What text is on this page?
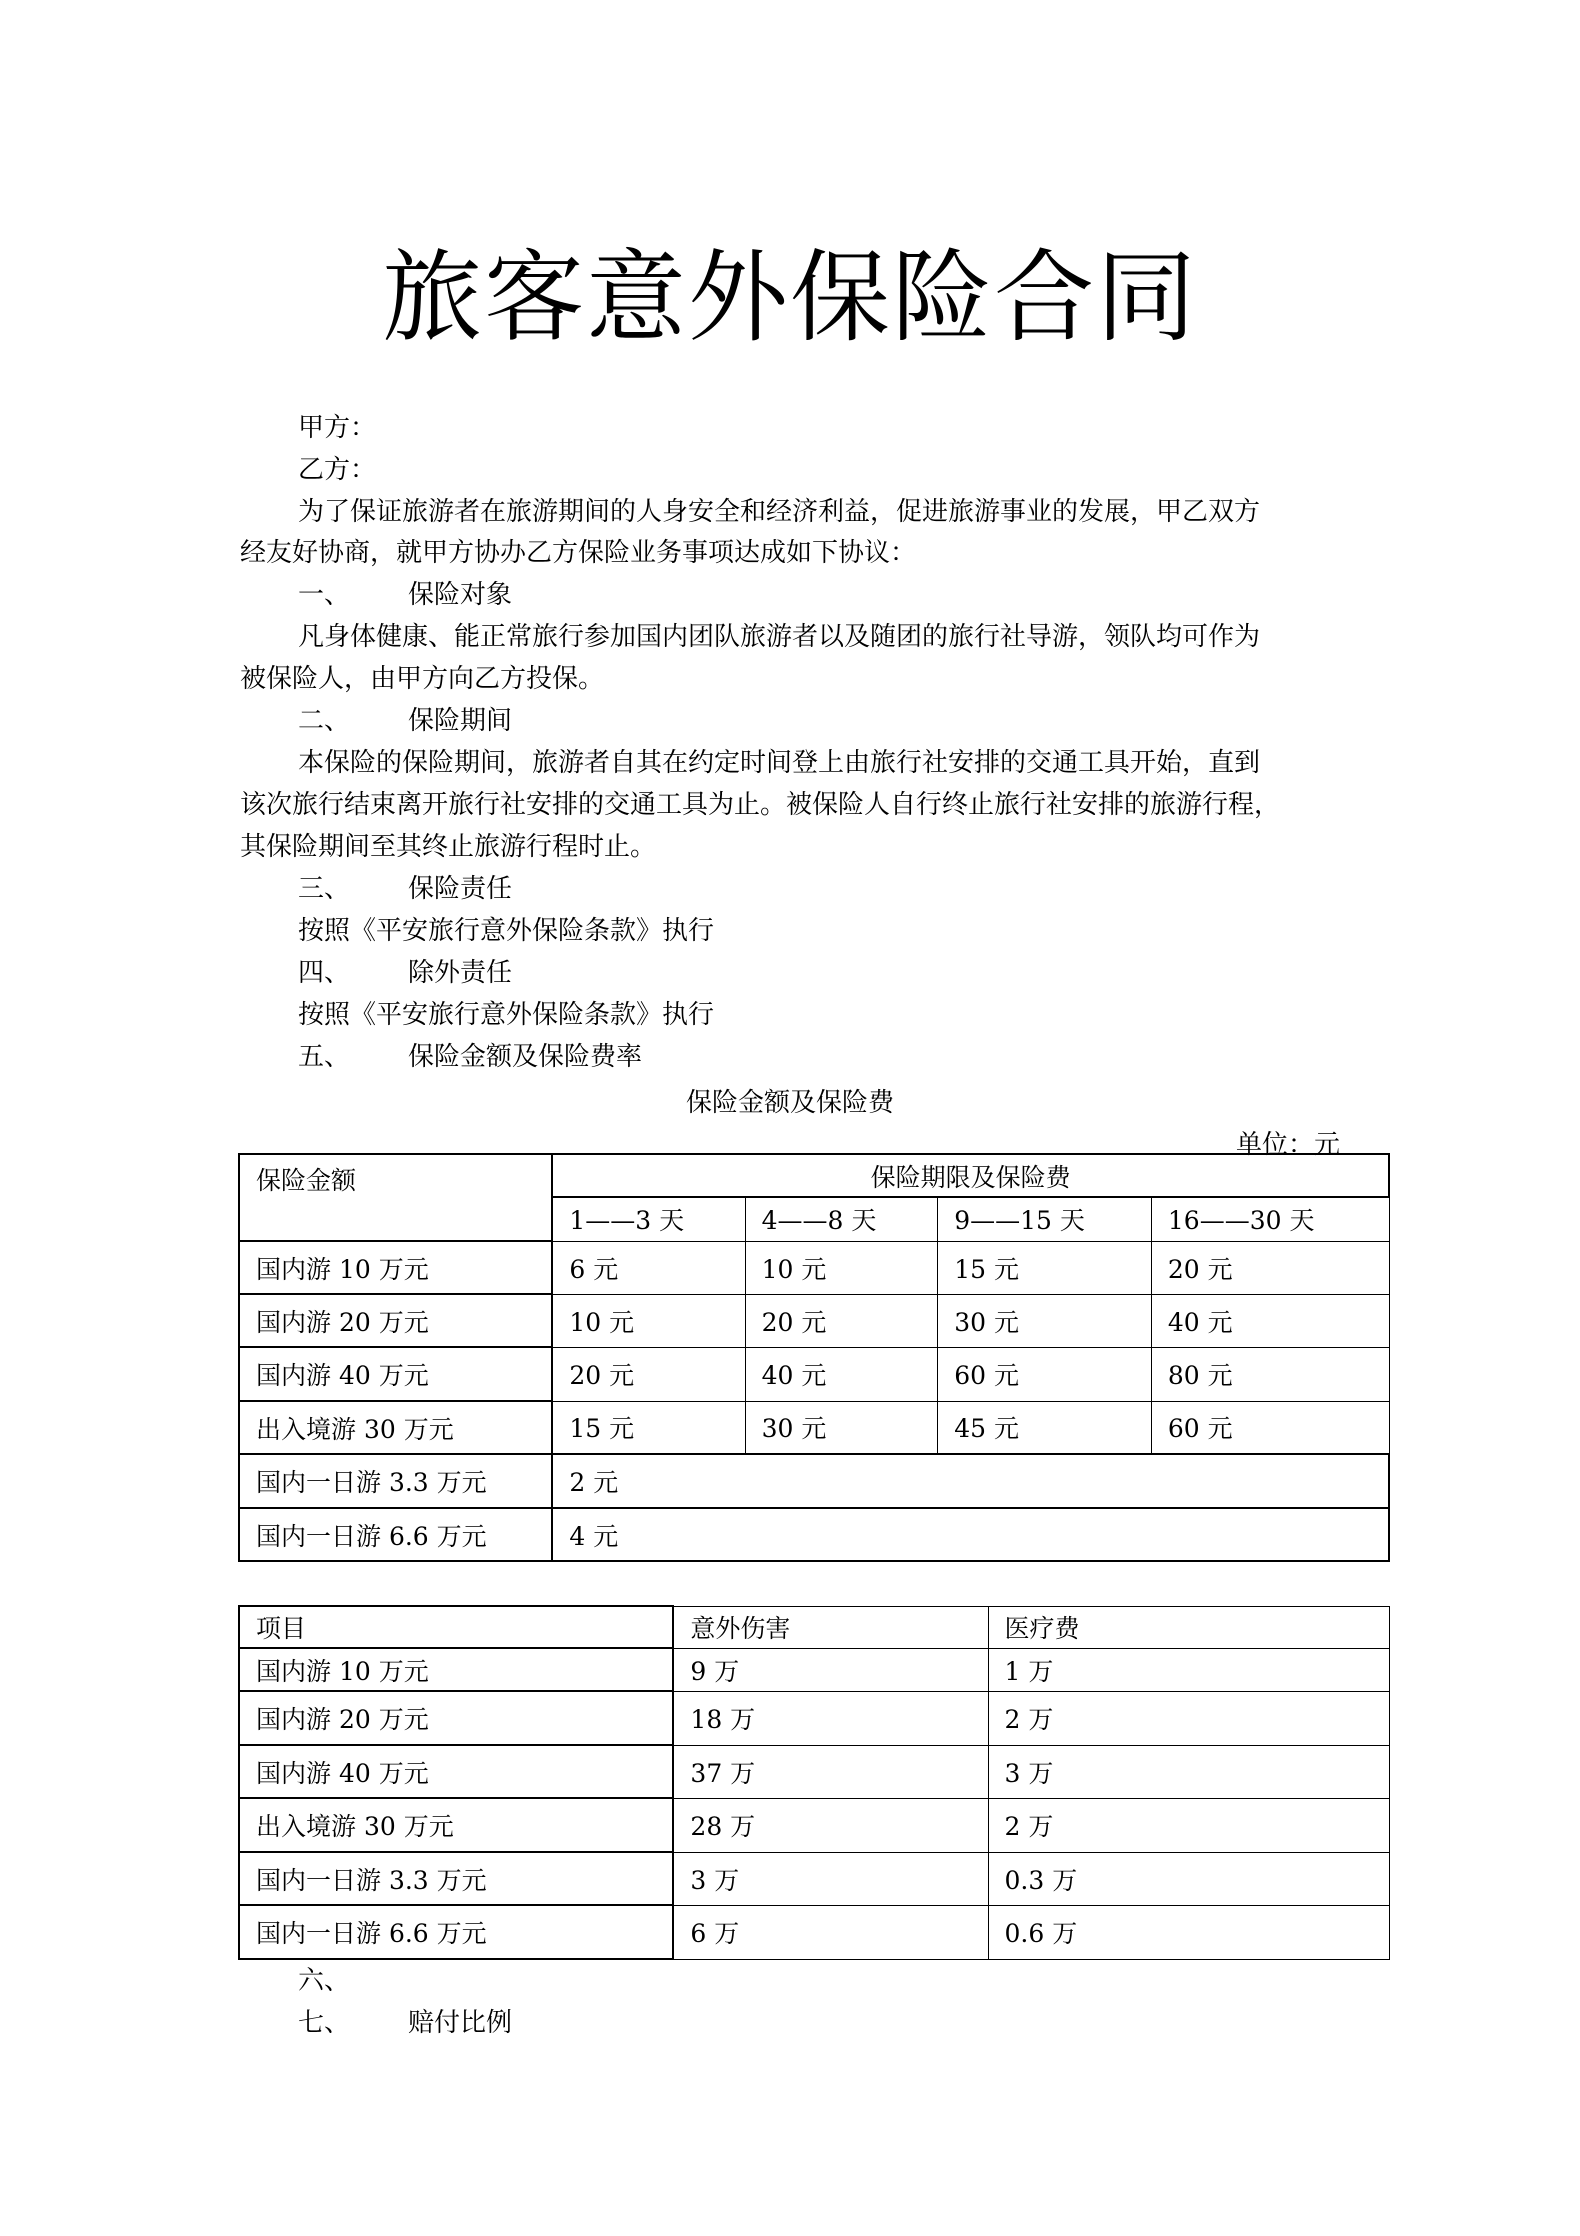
旅客意外保险合同
甲方：
乙方：
为了保证旅游者在旅游期间的人身安全和经济利益，促进旅游事业的发展，甲乙双方
经友好协商，就甲方协办乙方保险业务事项达成如下协议：
一、 保险对象
凡身体健康、能正常旅行参加国内团队旅游者以及随团的旅行社导游，领队均可作为
被保险人，由甲方向乙方投保。
二、 保险期间
本保险的保险期间，旅游者自其在约定时间登上由旅行社安排的交通工具开始，直到
该次旅行结束离开旅行社安排的交通工具为止。被保险人自行终止旅行社安排的旅游行程，
其保险期间至其终止旅游行程时止。
三、 保险责任
按照《平安旅行意外保险条款》执行
四、 除外责任
按照《平安旅行意外保险条款》执行
五、 保险金额及保险费率
保险金额及保险费
单位：元
保险金额	保险期限及保险费			
	1——3 天	4——8 天	9——15 天	16——30 天
国内游 10 万元	6 元	10 元	15 元	20 元
国内游 20 万元	10 元	20 元	30 元	40 元
国内游 40 万元	20 元	40 元	60 元	80 元
出入境游 30 万元	15 元	30 元	45 元	60 元
国内一日游 3.3 万元	2 元			
国内一日游 6.6 万元	4 元			
项目	意外伤害	医疗费
国内游 10 万元	9 万	1 万
国内游 20 万元	18 万	2 万
国内游 40 万元	37 万	3 万
出入境游 30 万元	28 万	2 万
国内一日游 3.3 万元	3 万	0.3 万
国内一日游 6.6 万元	6 万	0.6 万
六、
七、 赔付比例
